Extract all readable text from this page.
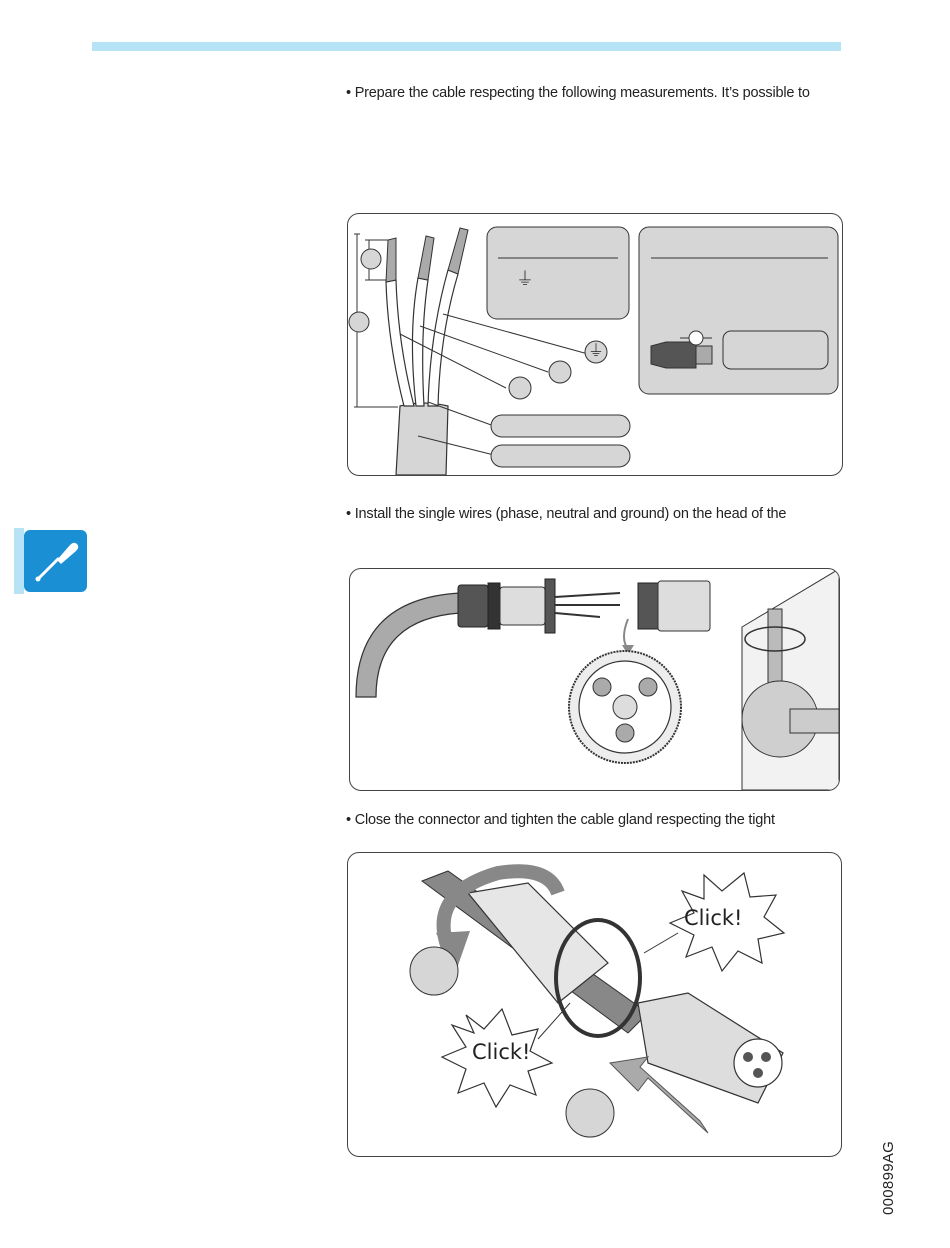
• Prepare the cable respecting the following measurements. It’s possible to
• Install the single wires (phase, neutral and ground) on the head of the
• Close the connector and tighten the cable gland respecting the tight
⏚
⏚
Click!
Click!
000899AG
